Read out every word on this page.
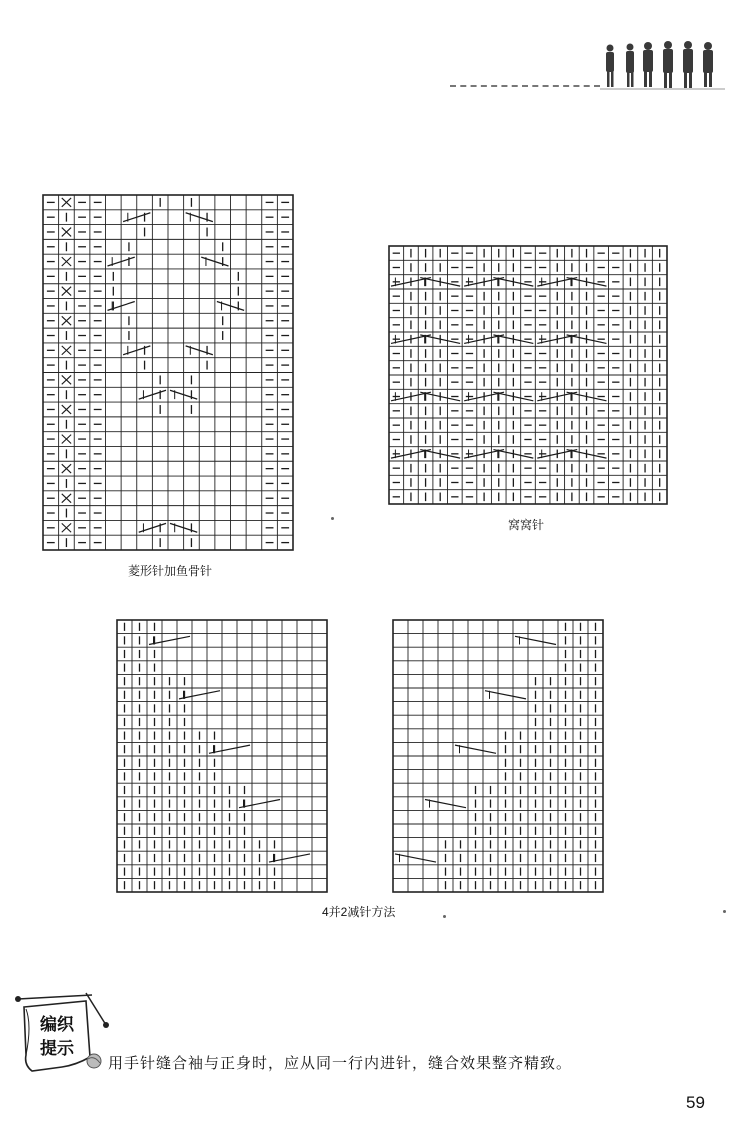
菱形针加鱼骨针
窝窝针
4并2减针方法
编织
提示
用手针缝合袖与正身时，应从同一行内进针，缝合效果整齐精致。
59
